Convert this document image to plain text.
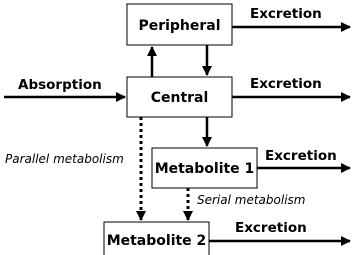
Peripheral
Central
Metabolite 1
Metabolite 2
Absorption
Excretion
Excretion
Excretion
Excretion
Parallel metabolism
Serial metabolism
